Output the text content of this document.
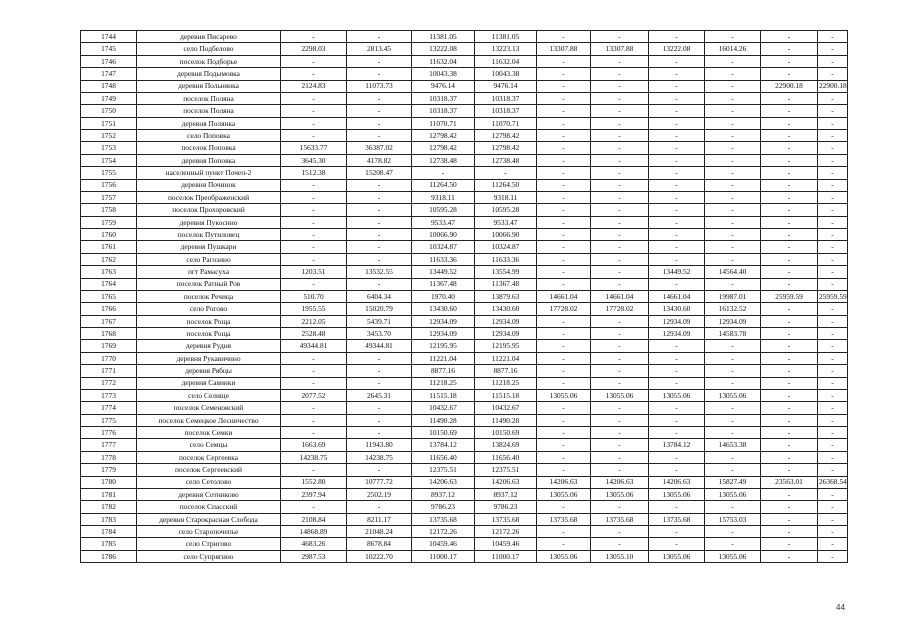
1744	деревня Писарево	-	-	11381.05	11381.05	-	-	-	-	-	-
1745	село Подбелово	2298.03	2813.45	13222.08	13223.13	13307.88	13307.88	13222.08	16014.26	-	-
1746	поселок Подборье	-	-	11632.04	11632.04	-	-	-	-	-	-
1747	деревня Подымовка	-	-	10043.38	10043.38	-	-	-	-	-	-
1748	деревня Польнянка	2124.83	11073.73	9476.14	9476.14	-	-	-	-	22900.18	22900.18
1749	поселок Поляна	-	-	10318.37	10318.37	-	-	-	-	-	-
1750	поселок Поляна	-	-	10318.37	10318.37	-	-	-	-	-	-
1751	деревня Полянка	-	-	11070.71	11070.71	-	-	-	-	-	-
1752	село Поповка	-	-	12798.42	12798.42	-	-	-	-	-	-
1753	поселок Поповка	15633.77	36387.02	12798.42	12798.42	-	-	-	-	-	-
1754	деревня Поповка	3645.30	4178.82	12738.48	12738.48	-	-	-	-	-	-
1755	населенный пункт Почеп-2	1512.38	15208.47	-	-	-	-	-	-	-	-
1756	деревня Починок	-	-	11264.50	11264.50	-	-	-	-	-	-
1757	поселок Преображенский	-	-	9318.11	9318.11	-	-	-	-	-	-
1758	поселок Прохоровский	-	-	10595.28	10595.28	-	-	-	-	-	-
1759	деревня Пукосино	-	-	9533.47	9533.47	-	-	-	-	-	-
1760	поселок Путиловец	-	-	10066.90	10066.90	-	-	-	-	-	-
1761	деревня Пушкари	-	-	10324.87	10324.87	-	-	-	-	-	-
1762	село Рагозино	-	-	11633.36	11633.36	-	-	-	-	-	-
1763	пгт Рамасуха	1203.51	13532.55	13449.52	13554.99	-	-	13449.52	14564.40	-	-
1764	поселок Ратный Ров	-	-	11367.48	11367.48	-	-	-	-	-	-
1765	поселок Речица	510.70	6404.34	1970.40	13879.63	14661.04	14661.04	14661.04	19987.01	25959.59	25959.59
1766	село Рогово	1955.55	15020.79	13430.60	13430.60	17728.02	17728.02	13430.60	16132.52	-	-
1767	поселок Роща	2212.05	5439.71	12934.09	12934.09	-	-	12934.09	12934.09	-	-
1768	поселок Роща	2528.48	3453.70	12934.09	12934.09	-	-	12934.09	14583.78	-	-
1769	деревня Рудня	49344.81	49344.81	12195.95	12195.95	-	-	-	-	-	-
1770	деревня Рукавичино	-	-	11221.04	11221.04	-	-	-	-	-	-
1771	деревня Рябцы	-	-	8877.16	8877.16	-	-	-	-	-	-
1772	деревня Савинки	-	-	11218.25	11218.25	-	-	-	-	-	-
1773	село Селище	2077.52	2645.31	11515.18	11515.18	13055.06	13055.06	13055.06	13055.06	-	-
1774	поселок Семеновский	-	-	10432.67	10432.67	-	-	-	-	-	-
1775	поселок Семецкое Лесничество	-	-	11490.28	11490.28	-	-	-	-	-	-
1776	поселок Семки	-	-	10150.69	10150.69	-	-	-	-	-	-
1777	село Семцы	1663.69	11943.80	13784.12	13824.69	-	-	13784.12	14653.38	-	-
1778	поселок Сергеевка	14238.75	14238.75	11656.40	11656.40	-	-	-	-	-	-
1779	поселок Сергеевский	-	-	12375.51	12375.51	-	-	-	-	-	-
1780	село Сетолово	1552.80	10777.72	14206.63	14206.63	14206.63	14206.63	14206.63	15827.49	23563.01	26368.54
1781	деревня Сотниково	2397.94	2502.19	8937.12	8937.12	13055.06	13055.06	13055.06	13055.06	-	-
1782	поселок Спасский	-	-	9786.23	9786.23	-	-	-	-	-	-
1783	деревня Старокрасная Слобода	2108.84	8211.17	13735.68	13735.68	13735.68	13735.68	13735.68	15753.03	-	-
1784	село Старопочепье	14868.89	21048.24	12172.26	12172.26	-	-	-	-	-	-
1785	село Стригово	4683.26	8678.84	10459.46	10459.46	-	-	-	-	-	-
1786	село Супрягино	2987.53	10222.70	11000.17	11000.17	13055.06	13055.10	13055.06	13055.06	-	-
44
